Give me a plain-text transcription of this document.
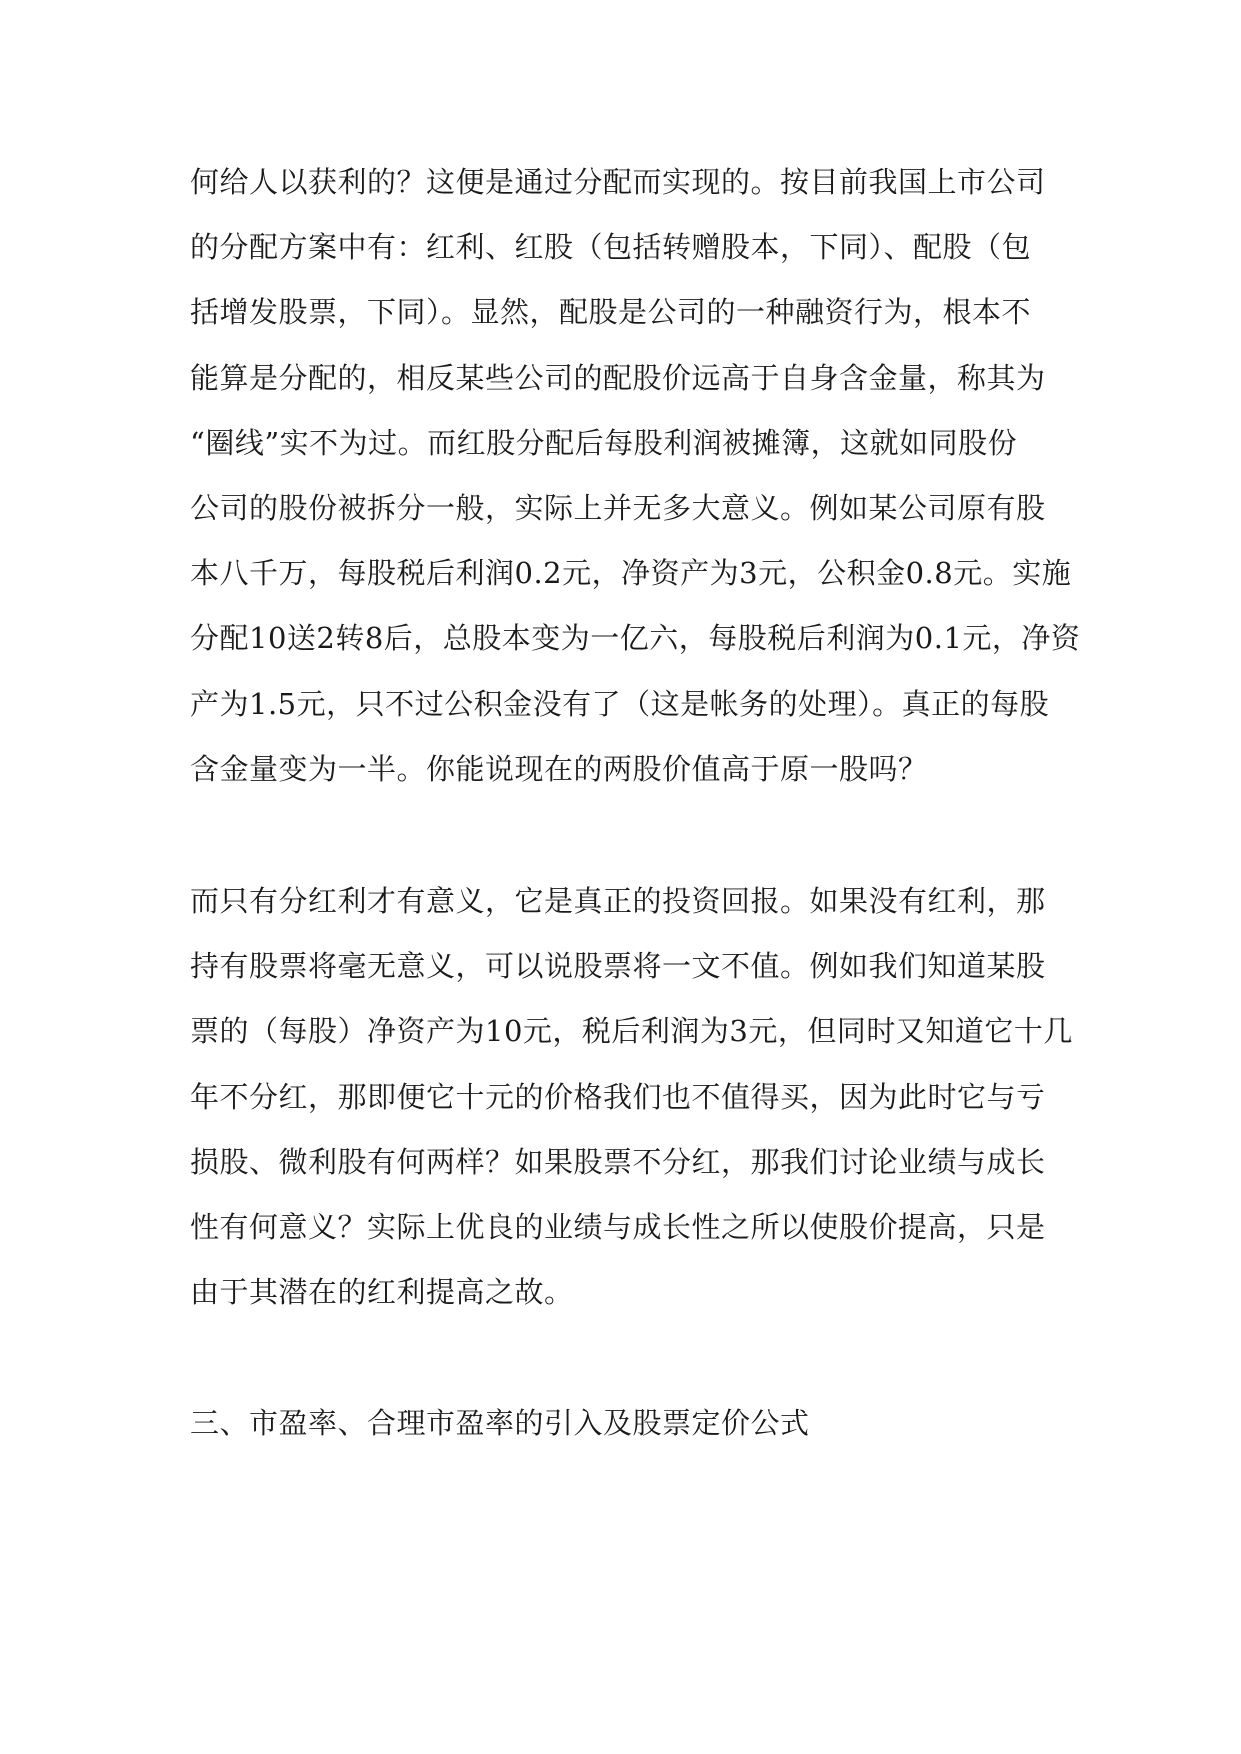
何给人以获利的？这便是通过分配而实现的。按目前我国上市公司

的分配方案中有：红利、红股（包括转赠股本，下同）、配股（包

括增发股票，下同）。显然，配股是公司的一种融资行为，根本不

能算是分配的，相反某些公司的配股价远高于自身含金量，称其为

“圈线”实不为过。而红股分配后每股利润被摊簿，这就如同股份

公司的股份被拆分一般，实际上并无多大意义。例如某公司原有股

本八千万，每股税后利润0.2元，净资产为3元，公积金0.8元。实施

分配10送2转8后，总股本变为一亿六，每股税后利润为0.1元，净资

产为1.5元，只不过公积金没有了（这是帐务的处理）。真正的每股

含金量变为一半。你能说现在的两股价值高于原一股吗？

而只有分红利才有意义，它是真正的投资回报。如果没有红利，那

持有股票将毫无意义，可以说股票将一文不值。例如我们知道某股

票的（每股）净资产为10元，税后利润为3元，但同时又知道它十几

年不分红，那即便它十元的价格我们也不值得买，因为此时它与亏

损股、微利股有何两样？如果股票不分红，那我们讨论业绩与成长

性有何意义？实际上优良的业绩与成长性之所以使股价提高，只是

由于其潜在的红利提高之故。

三、市盈率、合理市盈率的引入及股票定价公式
